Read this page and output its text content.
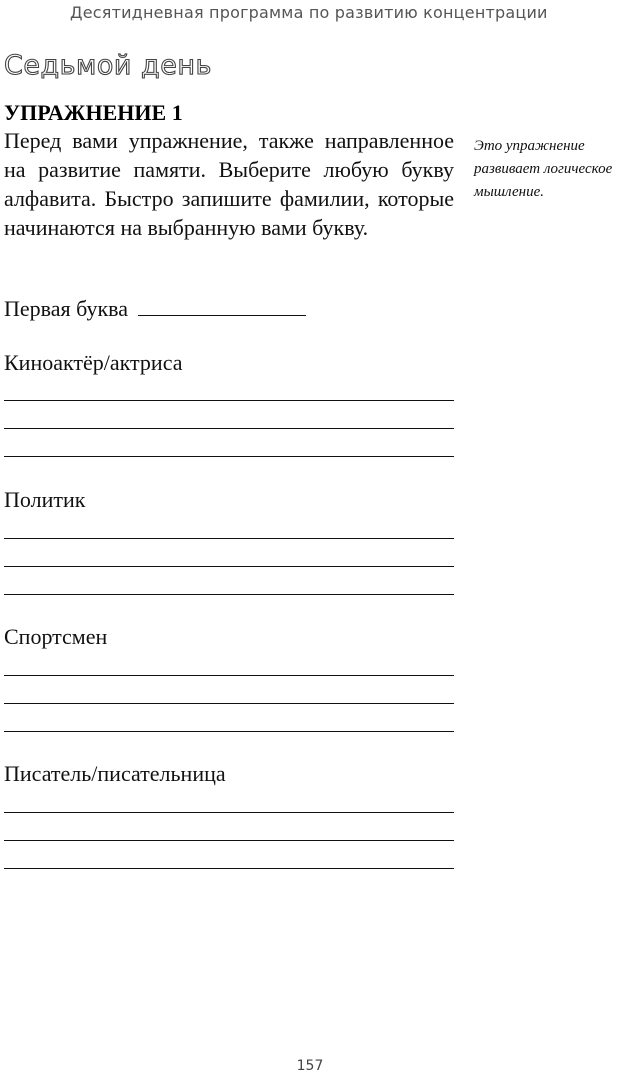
Десятидневная программа по развитию концентрации
Седьмой день
УПРАЖНЕНИЕ 1

Перед вами упражнение, также направленное на развитие памяти. Выберите любую букву алфавита. Быстро запишите фамилии, которые начинаются на выбранную вами букву.

Это упражнение развивает логическое мышление.

Первая буква
Киноактёр/актриса
Политик
Спортсмен
Писатель/писательница
157
